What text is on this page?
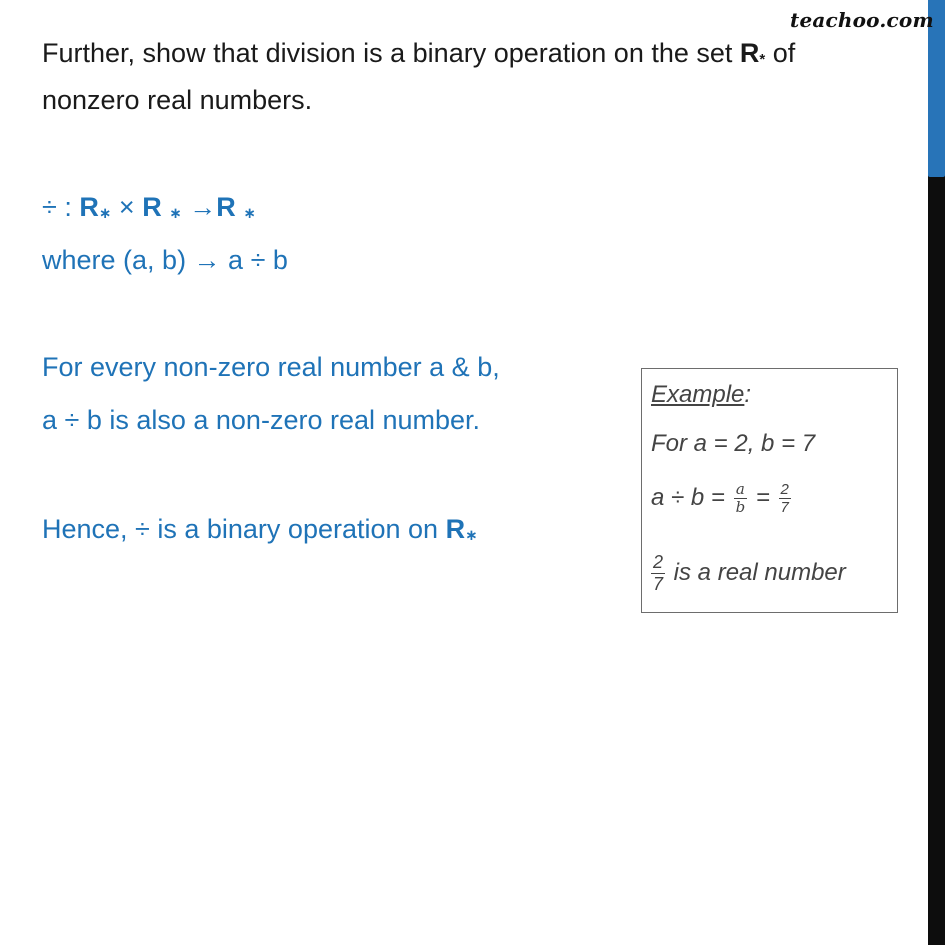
teachoo.com
Further, show that division is a binary operation on the set R* of
nonzero real numbers.
÷ : R∗ × R ∗ →R ∗
where (a, b) → a ÷ b
For every non-zero real number a & b,
a ÷ b is also a non-zero real number.
Hence, ÷ is a binary operation on R∗
Example:
For a = 2, b = 7
$a \div b = \frac{a}{b} = \frac{2}{7}$
$\frac{2}{7}$ is a real number
